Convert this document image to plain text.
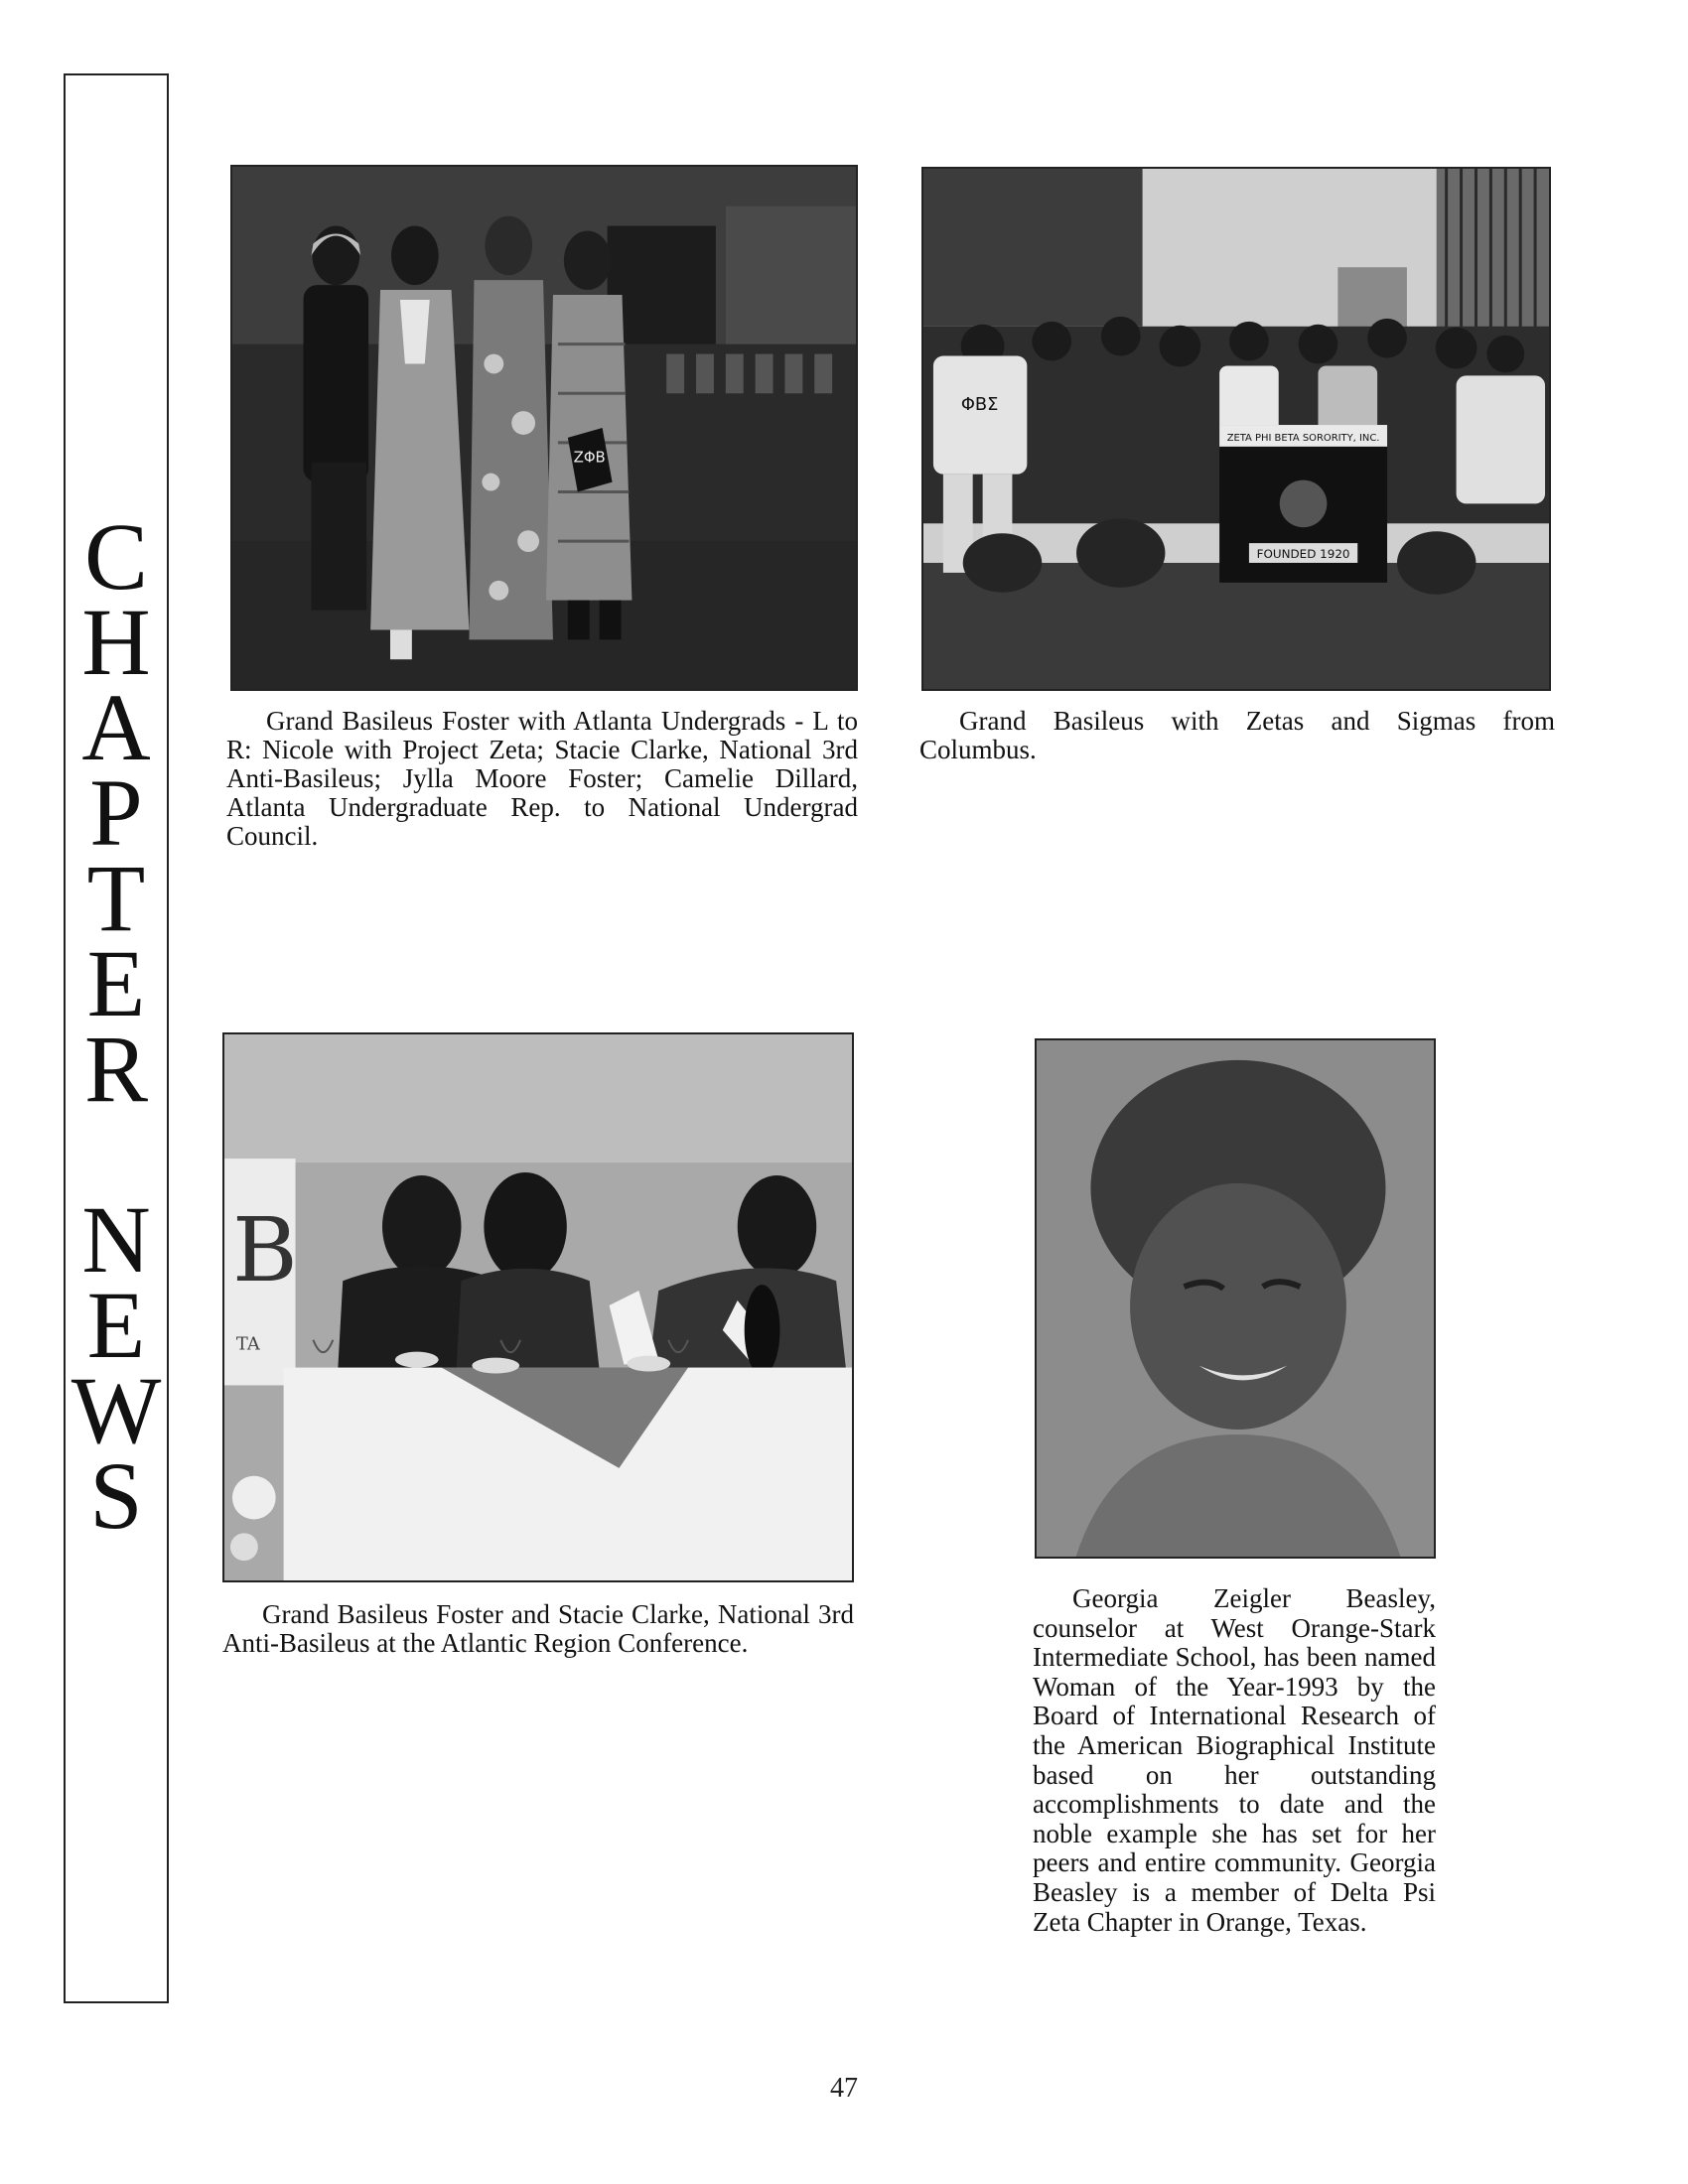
C
H
A
P
T
E
R
N
E
W
S
ZΦB
Grand Basileus Foster with Atlanta Undergrads - L to R: Nicole with Project Zeta; Stacie Clarke, National 3rd Anti-Basileus; Jylla Moore Foster; Camelie Dillard, Atlanta Undergraduate Rep. to National Undergrad Council.
ΦΒΣ
ZETA PHI BETA SORORITY, INC.
FOUNDED 1920
Grand Basileus with Zetas and Sigmas from Columbus.
B
TA
Grand Basileus Foster and Stacie Clarke, National 3rd Anti-Basileus at the Atlantic Region Conference.
Georgia Zeigler Beasley, counselor at West Orange-Stark Intermediate School, has been named Woman of the Year-1993 by the Board of International Research of the American Biographical Institute based on her outstanding accomplishments to date and the noble example she has set for her peers and entire community. Georgia Beasley is a member of Delta Psi Zeta Chapter in Orange, Texas.
47
